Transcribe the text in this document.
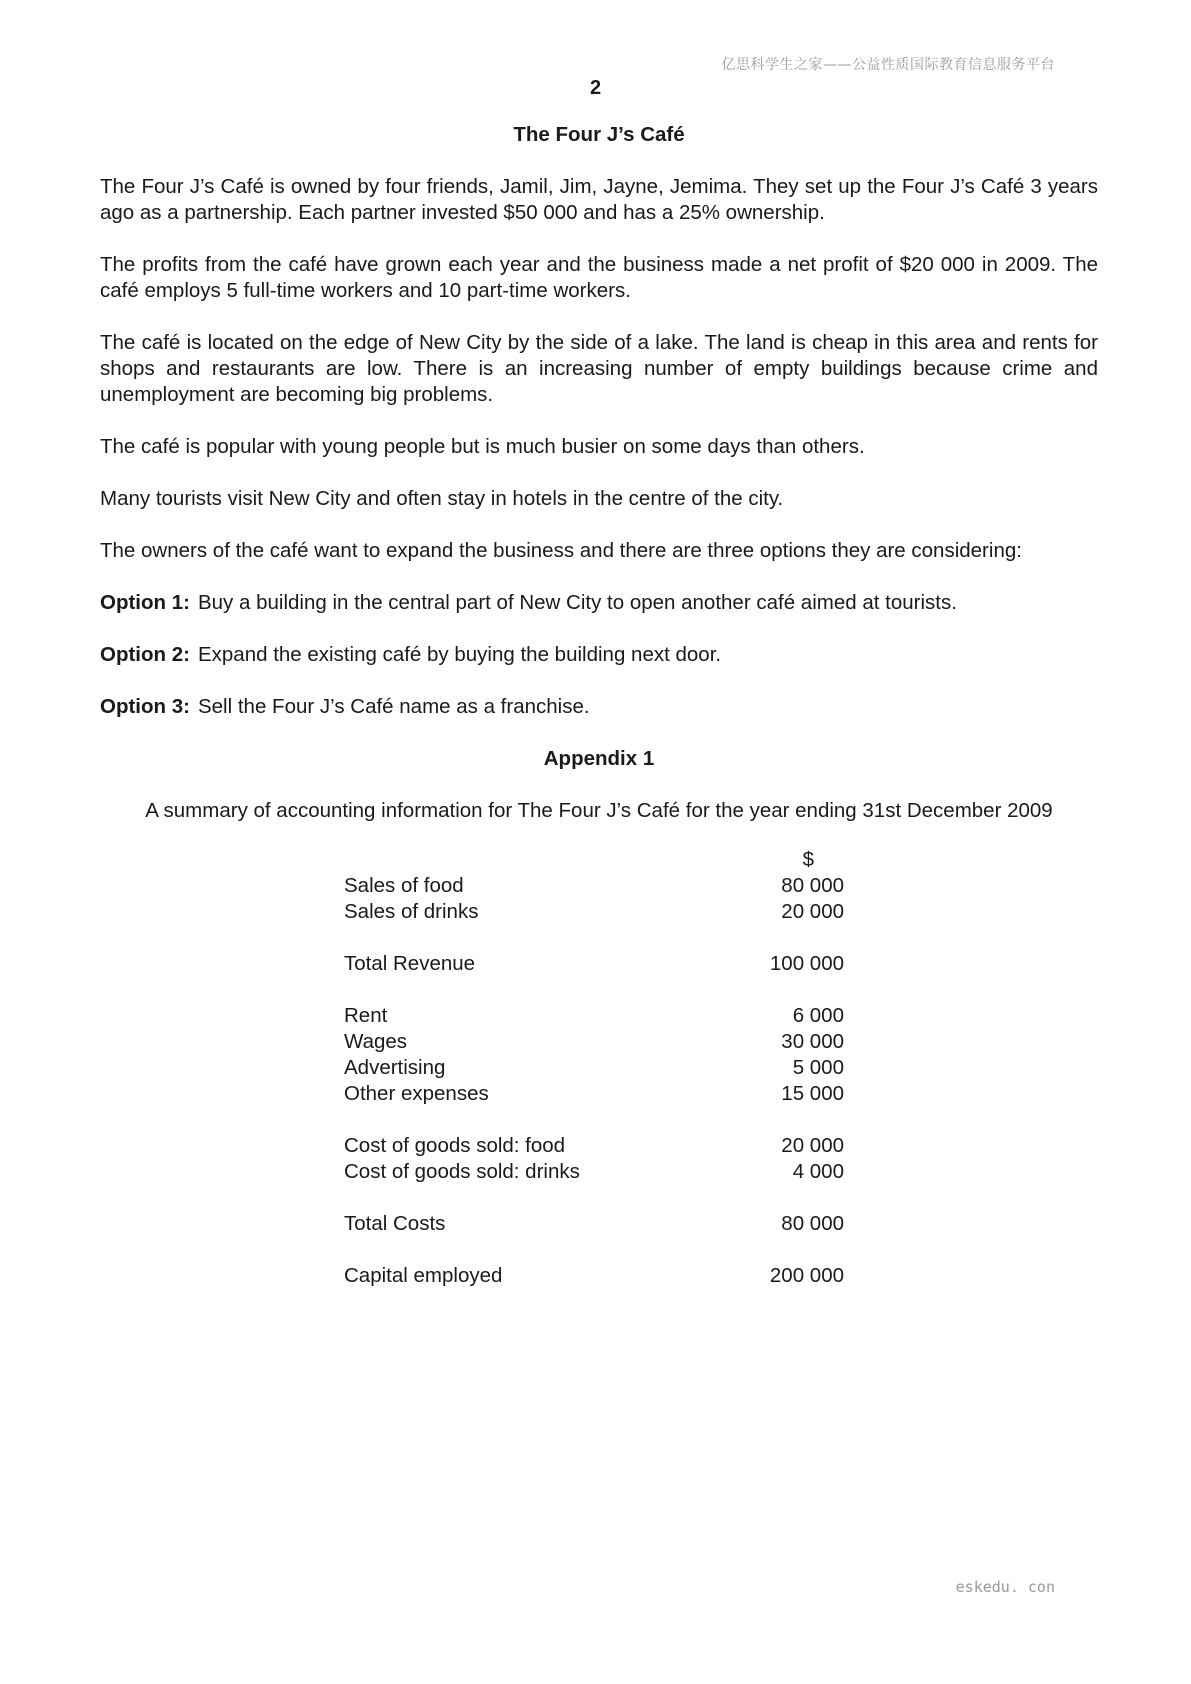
亿思科学生之家——公益性质国际教育信息服务平台
2
The Four J’s Café

The Four J’s Café is owned by four friends, Jamil, Jim, Jayne, Jemima. They set up the Four J’s Café 3 years ago as a partnership. Each partner invested $50 000 and has a 25% ownership.

The profits from the café have grown each year and the business made a net profit of $20 000 in 2009. The café employs 5 full-time workers and 10 part-time workers.

The café is located on the edge of New City by the side of a lake. The land is cheap in this area and rents for shops and restaurants are low. There is an increasing number of empty buildings because crime and unemployment are becoming big problems.

The café is popular with young people but is much busier on some days than others.

Many tourists visit New City and often stay in hotels in the centre of the city.

The owners of the café want to expand the business and there are three options they are considering:

Option 1: Buy a building in the central part of New City to open another café aimed at tourists.

Option 2: Expand the existing café by buying the building next door.

Option 3: Sell the Four J’s Café name as a franchise.

Appendix 1
A summary of accounting information for The Four J’s Café for the year ending 31st December 2009
$
Sales of food	80 000
Sales of drinks	20 000
Total Revenue	100 000
Rent	6 000
Wages	30 000
Advertising	5 000
Other expenses	15 000
Cost of goods sold: food	20 000
Cost of goods sold: drinks	4 000
Total Costs	80 000
Capital employed	200 000
eskedu. con
